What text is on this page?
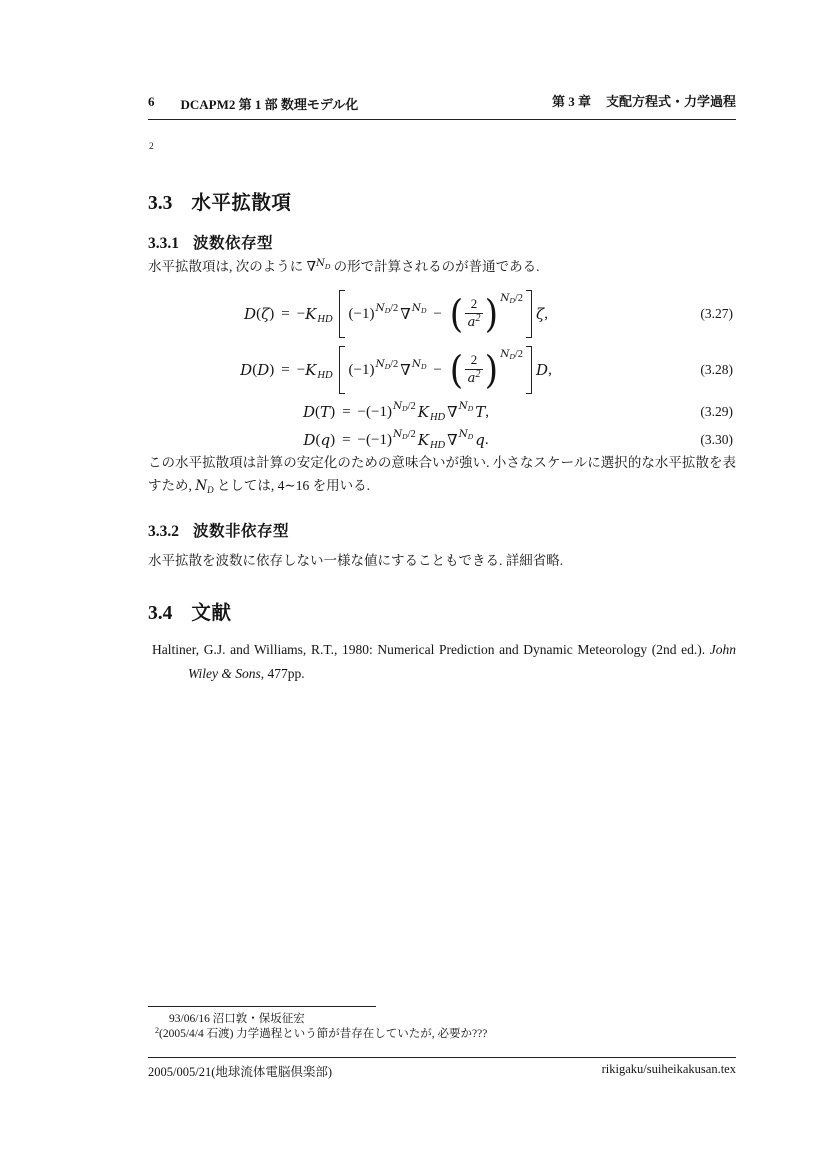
6 DCAPM2 第 1 部 数理モデル化	第 3 章 支配方程式・力学過程
2
3.3 水平拡散項
3.3.1 波数依存型
水平拡散項は, 次のように ∇$^{N_D}$ の形で計算されるのが普通である.
D ( ζ ) = − K HD (−1) ND/2 ∇ ND − ( $\frac{2}{a^2}$ ) ND/2
ζ ,	(3.27)
D ( D ) = − K HD (−1) ND/2 ∇ ND − ( $\frac{2}{a^2}$ ) ND/2
D ,	(3.28)
D ( T ) = − (−1) ND/2 K HD ∇ ND T ,	(3.29)
D ( q ) = − (−1) ND/2 K HD ∇ ND q .	(3.30)
この水平拡散項は計算の安定化のための意味合いが強い. 小さなスケールに選択的な水平拡散を表すため, $N_D$ としては, 4∼16 を用いる.
3.3.2 波数非依存型
水平拡散を波数に依存しない一様な値にすることもできる. 詳細省略.
3.4 文献
Haltiner, G.J. and Williams, R.T., 1980: Numerical Prediction and Dynamic Meteorology (2nd ed.). John Wiley & Sons, 477pp.
93/06/16 沼口敦・保坂征宏
$^2$(2005/4/4 石渡) 力学過程という節が昔存在していたが, 必要か???
2005/005/21(地球流体電脳倶楽部)	rikigaku/suiheikakusan.tex
